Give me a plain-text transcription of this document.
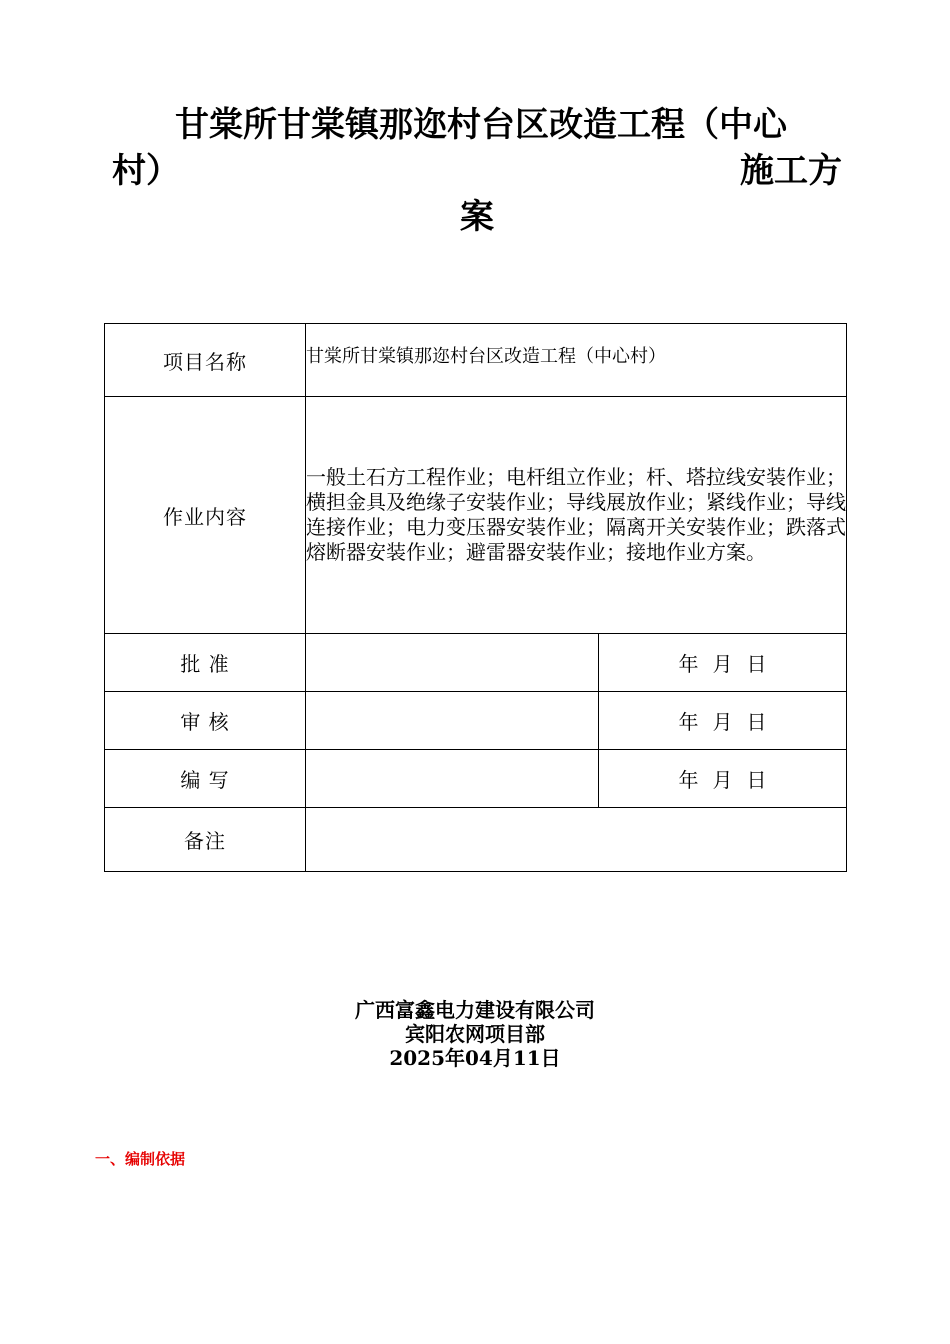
甘棠所甘棠镇那迩村台区改造工程（中心
村）	施工方
案
项目名称	甘棠所甘棠镇那迩村台区改造工程（中心村）	
作业内容	一般土石方工程作业；电杆组立作业；杆、塔拉线安装作业；横担金具及绝缘子安装作业；导线展放作业；紧线作业；导线连接作业；电力变压器安装作业；隔离开关安装作业；跌落式熔断器安装作业；避雷器安装作业；接地作业方案。	
批 准		年 月 日
审 核		年 月 日
编 写		年 月 日
备注		
广西富鑫电力建设有限公司
宾阳农网项目部
2025年04月11日
一、编制依据
